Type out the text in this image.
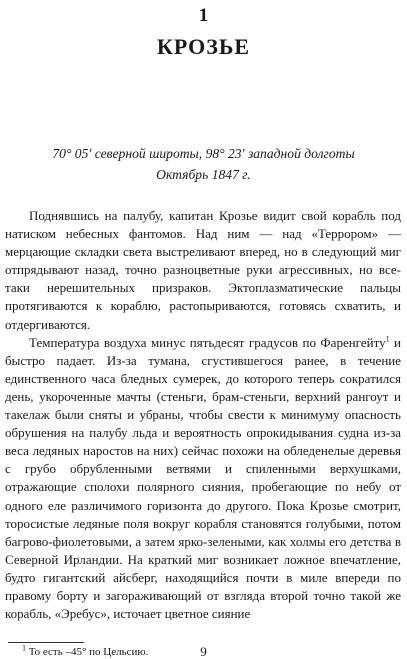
1
КРОЗЬЕ
70° 05′ северной широты, 98° 23′ западной долготы
Октябрь 1847 г.

Поднявшись на палубу, капитан Крозье видит свой корабль под натиском небесных фантомов. Над ним — над «Террором» — мерцающие складки света выстреливают вперед, но в следующий миг отпрядывают назад, точно разноцветные руки агрессивных, но все-таки нерешительных призраков. Эктоплазматические пальцы протягиваются к кораблю, растопыриваются, готовясь схватить, и отдергиваются.

Температура воздуха минус пятьдесят градусов по Фаренгейту$^1$ и быстро падает. Из-за тумана, сгустившегося ранее, в течение единственного часа бледных сумерек, до которого теперь сократился день, укороченные мачты (стеньги, брам-стеньги, верхний рангоут и такелаж были сняты и убраны, чтобы свести к минимуму опасность обрушения на палубу льда и вероятность опрокидывания судна из-за веса ледяных наростов на них) сейчас похожи на обледенелые деревья с грубо обрубленными ветвями и спиленными верхушками, отражающие сполохи полярного сияния, пробегающие по небу от одного еле различимого горизонта до другого. Пока Крозье смотрит, торосистые ледяные поля вокруг корабля становятся голубыми, потом багрово-фиолетовыми, а затем ярко-зелеными, как холмы его детства в Северной Ирландии. На краткий миг возникает ложное впечатление, будто гигантский айсберг, находящийся почти в миле впереди по правому борту и загораживающий от взгляда второй точно такой же корабль, «Эребус», источает цветное сияние

$^1$ То есть –45° по Цельсию.	9
